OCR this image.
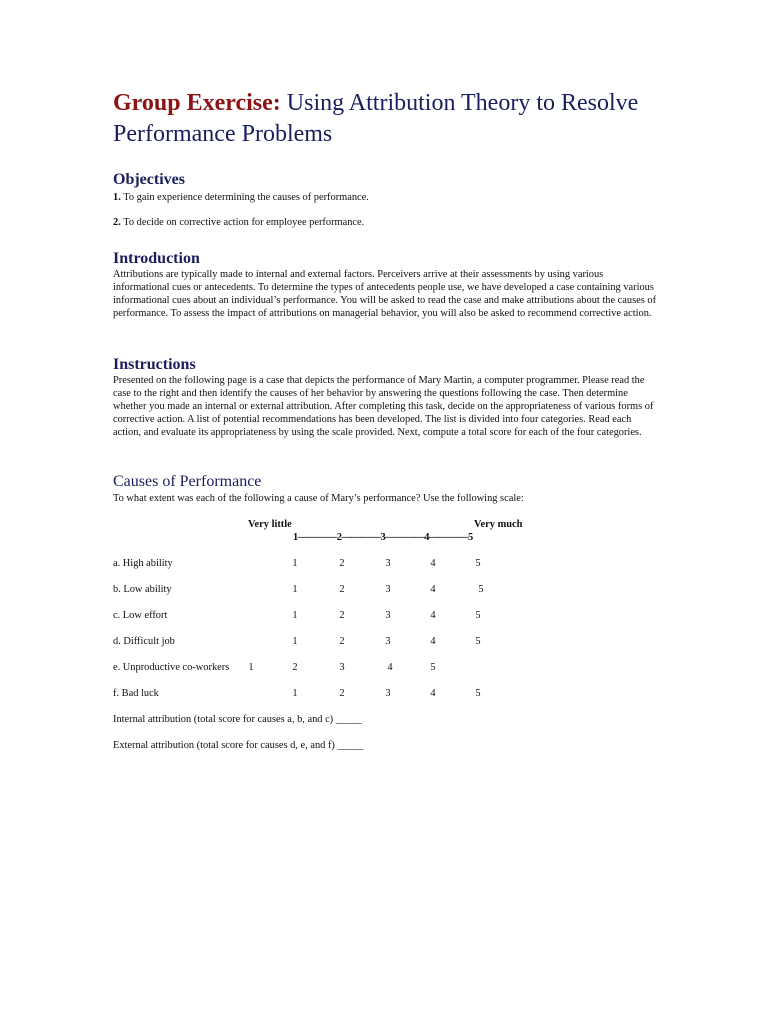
Group Exercise: Using Attribution Theory to Resolve Performance Problems
Objectives

1. To gain experience determining the causes of performance.

2. To decide on corrective action for employee performance.

Introduction

Attributions are typically made to internal and external factors. Perceivers arrive at their assessments by using various informational cues or antecedents. To determine the types of antecedents people use, we have developed a case containing various informational cues about an individual’s performance. You will be asked to read the case and make attributions about the causes of performance. To assess the impact of attributions on managerial behavior, you will also be asked to recommend corrective action.

Instructions

Presented on the following page is a case that depicts the performance of Mary Martin, a computer programmer. Please read the case to the right and then identify the causes of her behavior by answering the questions following the case. Then determine whether you made an internal or external attribution. After completing this task, decide on the appropriateness of various forms of corrective action. A list of potential recommendations has been developed. The list is divided into four categories. Read each action, and evaluate its appropriateness by using the scale provided. Next, compute a total score for each of the four categories.

Causes of Performance

To what extent was each of the following a cause of Mary’s performance? Use the following scale:

Very little	Very much
1————2————3————4————5
a. High ability	1	2	3	4	5
b. Low ability	1	2	3	4	5
c. Low effort	1	2	3	4	5
d. Difficult job	1	2	3	4	5
e. Unproductive co-workers	1	2	3	4	5
f. Bad luck	1	2	3	4	5
Internal attribution (total score for causes a, b, and c) _____
External attribution (total score for causes d, e, and f) _____
